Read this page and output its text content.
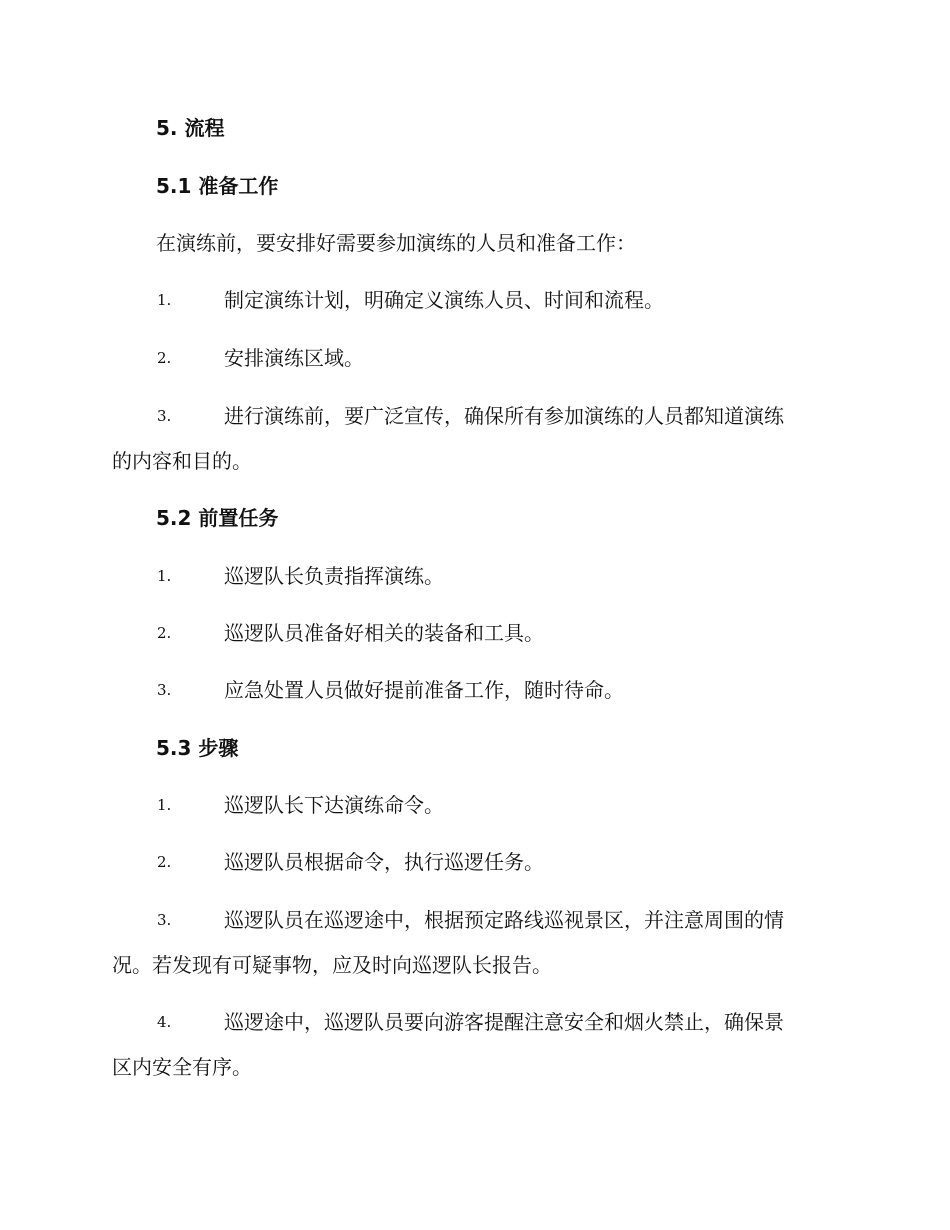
5. 流程
5.1 准备工作
在演练前，要安排好需要参加演练的人员和准备工作：
1.	制定演练计划，明确定义演练人员、时间和流程。
2.	安排演练区域。
3.	进行演练前，要广泛宣传，确保所有参加演练的人员都知道演练
的内容和目的。
5.2 前置任务
1.	巡逻队长负责指挥演练。
2.	巡逻队员准备好相关的装备和工具。
3.	应急处置人员做好提前准备工作，随时待命。
5.3 步骤
1.	巡逻队长下达演练命令。
2.	巡逻队员根据命令，执行巡逻任务。
3.	巡逻队员在巡逻途中，根据预定路线巡视景区，并注意周围的情
况。若发现有可疑事物，应及时向巡逻队长报告。
4.	巡逻途中，巡逻队员要向游客提醒注意安全和烟火禁止，确保景
区内安全有序。
